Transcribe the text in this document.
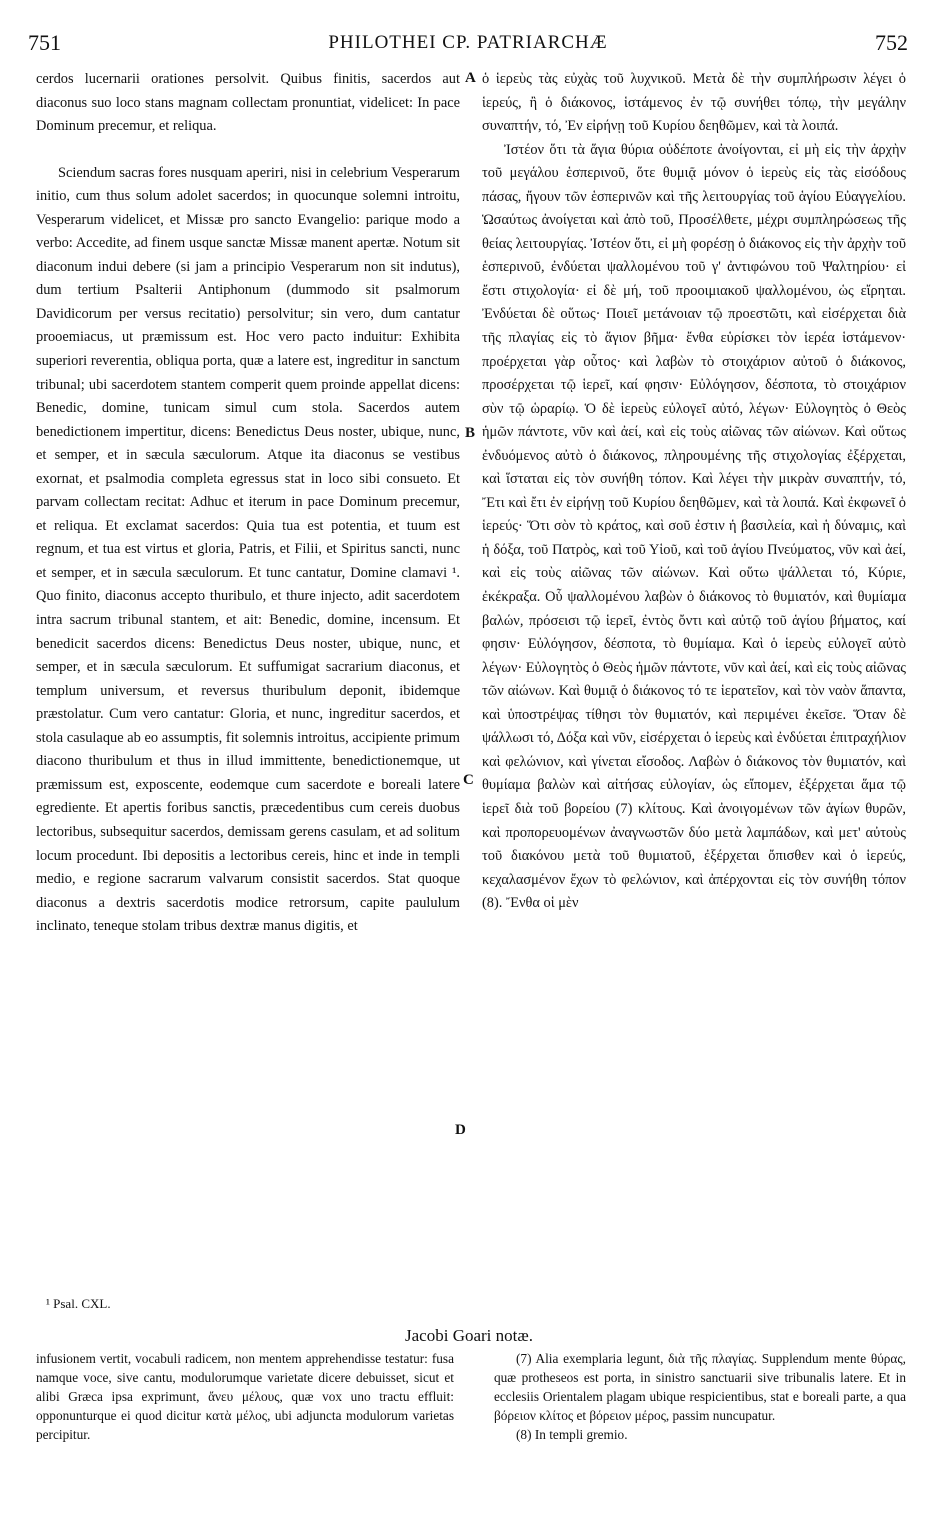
751	PHILOTHEI CP. PATRIARCHÆ	752

cerdos lucernarii orationes persolvit. Quibus finitis, sacerdos aut diaconus suo loco stans magnam collectam pronuntiat, videlicet: In pace Dominum precemur, et reliqua.

Sciendum sacras fores nusquam aperiri, nisi in celebrium Vesperarum initio, cum thus solum adolet sacerdos; in quocunque solemni introitu, Vesperarum videlicet, et Missæ pro sancto Evangelio: parique modo a verbo: Accedite, ad finem usque sanctæ Missæ manent apertæ. Notum sit diaconum indui debere (si jam a principio Vesperarum non sit indutus), dum tertium Psalterii Antiphonum (dummodo sit psalmorum Davidicorum per versus recitatio) persolvitur; sin vero, dum cantatur prooemiacus, ut præmissum est. Hoc vero pacto induitur: Exhibita superiori reverentia, obliqua porta, quæ a latere est, ingreditur in sanctum tribunal; ubi sacerdotem stantem comperit quem proinde appellat dicens: Benedic, domine, tunicam simul cum stola. Sacerdos autem benedictionem impertitur, dicens: Benedictus Deus noster, ubique, nunc, et semper, et in sæcula sæculorum. Atque ita diaconus se vestibus exornat, et psalmodia completa egressus stat in loco sibi consueto. Et parvam collectam recitat: Adhuc et iterum in pace Dominum precemur, et reliqua. Et exclamat sacerdos: Quia tua est potentia, et tuum est regnum, et tua est virtus et gloria, Patris, et Filii, et Spiritus sancti, nunc et semper, et in sæcula sæculorum. Et tunc cantatur, Domine clamavi ¹. Quo finito, diaconus accepto thuribulo, et thure injecto, adit sacerdotem intra sacrum tribunal stantem, et ait: Benedic, domine, incensum. Et benedicit sacerdos dicens: Benedictus Deus noster, ubique, nunc, et semper, et in sæcula sæculorum. Et suffumigat sacrarium diaconus, et templum universum, et reversus thuribulum deponit, ibidemque præstolatur. Cum vero cantatur: Gloria, et nunc, ingreditur sacerdos, et stola casulaque ab eo assumptis, fit solemnis introitus, accipiente primum diacono thuribulum et thus in illud immittente, benedictionemque, ut præmissum est, exposcente, eodemque cum sacerdote e boreali latere egrediente. Et apertis foribus sanctis, præcedentibus cum cereis duobus lectoribus, subsequitur sacerdos, demissam gerens casulam, et ad solitum locum procedunt. Ibi depositis a lectoribus cereis, hinc et inde in templi medio, e regione sacrarum valvarum consistit sacerdos. Stat quoque diaconus a dextris sacerdotis modice retrorsum, capite paululum inclinato, teneque stolam tribus dextræ manus digitis, et

A
B
C
D

ὁ ἱερεὺς τὰς εὐχὰς τοῦ λυχνικοῦ. Μετὰ δὲ τὴν συμπλήρωσιν λέγει ὁ ἱερεύς, ἢ ὁ διάκονος, ἱστάμενος ἐν τῷ συνήθει τόπῳ, τὴν μεγάλην συναπτήν, τό, Ἐν εἰρήνῃ τοῦ Κυρίου δεηθῶμεν, καὶ τὰ λοιπά.

Ἰστέον ὅτι τὰ ἅγια θύρια οὐδέποτε ἀνοίγονται, εἰ μὴ εἰς τὴν ἀρχὴν τοῦ μεγάλου ἑσπερινοῦ, ὅτε θυμιᾷ μόνον ὁ ἱερεὺς εἰς τὰς εἰσόδους πάσας, ἤγουν τῶν ἑσπερινῶν καὶ τῆς λειτουργίας τοῦ ἁγίου Εὐαγγελίου. Ὡσαύτως ἀνοίγεται καὶ ἀπὸ τοῦ, Προσέλθετε, μέχρι συμπληρώσεως τῆς θείας λειτουργίας. Ἰστέον ὅτι, εἰ μὴ φορέσῃ ὁ διάκονος εἰς τὴν ἀρχὴν τοῦ ἑσπερινοῦ, ἐνδύεται ψαλλομένου τοῦ γ' ἀντιφώνου τοῦ Ψαλτηρίου· εἰ ἔστι στιχολογία· εἰ δὲ μή, τοῦ προοιμιακοῦ ψαλλομένου, ὡς εἴρηται. Ἐνδύεται δὲ οὕτως· Ποιεῖ μετάνοιαν τῷ προεστῶτι, καὶ εἰσέρχεται διὰ τῆς πλαγίας εἰς τὸ ἅγιον βῆμα· ἔνθα εὑρίσκει τὸν ἱερέα ἱστάμενον· προέρχεται γὰρ οὗτος· καὶ λαβὼν τὸ στοιχάριον αὐτοῦ ὁ διάκονος, προσέρχεται τῷ ἱερεῖ, καί φησιν· Εὐλόγησον, δέσποτα, τὸ στοιχάριον σὺν τῷ ὡραρίῳ. Ὁ δὲ ἱερεὺς εὐλογεῖ αὐτό, λέγων· Εὐλογητὸς ὁ Θεὸς ἡμῶν πάντοτε, νῦν καὶ ἀεί, καὶ εἰς τοὺς αἰῶνας τῶν αἰώνων. Καὶ οὕτως ἐνδυόμενος αὐτὸ ὁ διάκονος, πληρουμένης τῆς στιχολογίας ἐξέρχεται, καὶ ἵσταται εἰς τὸν συνήθη τόπον. Καὶ λέγει τὴν μικρὰν συναπτήν, τό, Ἔτι καὶ ἔτι ἐν εἰρήνῃ τοῦ Κυρίου δεηθῶμεν, καὶ τὰ λοιπά. Καὶ ἐκφωνεῖ ὁ ἱερεύς· Ὅτι σὸν τὸ κράτος, καὶ σοῦ ἐστιν ἡ βασιλεία, καὶ ἡ δύναμις, καὶ ἡ δόξα, τοῦ Πατρὸς, καὶ τοῦ Υἱοῦ, καὶ τοῦ ἁγίου Πνεύματος, νῦν καὶ ἀεί, καὶ εἰς τοὺς αἰῶνας τῶν αἰώνων. Καὶ οὕτω ψάλλεται τό, Κύριε, ἐκέκραξα. Οὗ ψαλλομένου λαβὼν ὁ διάκονος τὸ θυμιατόν, καὶ θυμίαμα βαλών, πρόσεισι τῷ ἱερεῖ, ἐντὸς ὄντι καὶ αὐτῷ τοῦ ἁγίου βήματος, καί φησιν· Εὐλόγησον, δέσποτα, τὸ θυμίαμα. Καὶ ὁ ἱερεὺς εὐλογεῖ αὐτὸ λέγων· Εὐλογητὸς ὁ Θεὸς ἡμῶν πάντοτε, νῦν καὶ ἀεί, καὶ εἰς τοὺς αἰῶνας τῶν αἰώνων. Καὶ θυμιᾷ ὁ διάκονος τό τε ἱερατεῖον, καὶ τὸν ναὸν ἅπαντα, καὶ ὑποστρέψας τίθησι τὸν θυμιατόν, καὶ περιμένει ἐκεῖσε. Ὅταν δὲ ψάλλωσι τό, Δόξα καὶ νῦν, εἰσέρχεται ὁ ἱερεὺς καὶ ἐνδύεται ἐπιτραχήλιον καὶ φελώνιον, καὶ γίνεται εἴσοδος. Λαβὼν ὁ διάκονος τὸν θυμιατόν, καὶ θυμίαμα βαλὼν καὶ αἰτήσας εὐλογίαν, ὡς εἴπομεν, ἐξέρχεται ἅμα τῷ ἱερεῖ διὰ τοῦ βορείου (7) κλίτους. Καὶ ἀνοιγομένων τῶν ἁγίων θυρῶν, καὶ προπορευομένων ἀναγνωστῶν δύο μετὰ λαμπάδων, καὶ μετ' αὐτοὺς τοῦ διακόνου μετὰ τοῦ θυμιατοῦ, ἐξέρχεται ὄπισθεν καὶ ὁ ἱερεύς, κεχαλασμένον ἔχων τὸ φελώνιον, καὶ ἀπέρχονται εἰς τὸν συνήθη τόπον (8). Ἔνθα οἱ μὲν

¹ Psal. CXL.
Jacobi Goari notæ.

infusionem vertit, vocabuli radicem, non mentem apprehendisse testatur: fusa namque voce, sive cantu, modulorumque varietate dicere debuisset, sicut et alibi Græca ipsa exprimunt, ἄνευ μέλους, quæ vox uno tractu effluit: opponunturque ei quod dicitur κατὰ μέλος, ubi adjuncta modulorum varietas percipitur.

(7) Alia exemplaria legunt, διὰ τῆς πλαγίας. Supplendum mente θύρας, quæ protheseos est porta, in sinistro sanctuarii sive tribunalis latere. Et in ecclesiis Orientalem plagam ubique respicientibus, stat e boreali parte, a qua βόρειον κλίτος et βόρειον μέρος, passim nuncupatur.

(8) In templi gremio.
